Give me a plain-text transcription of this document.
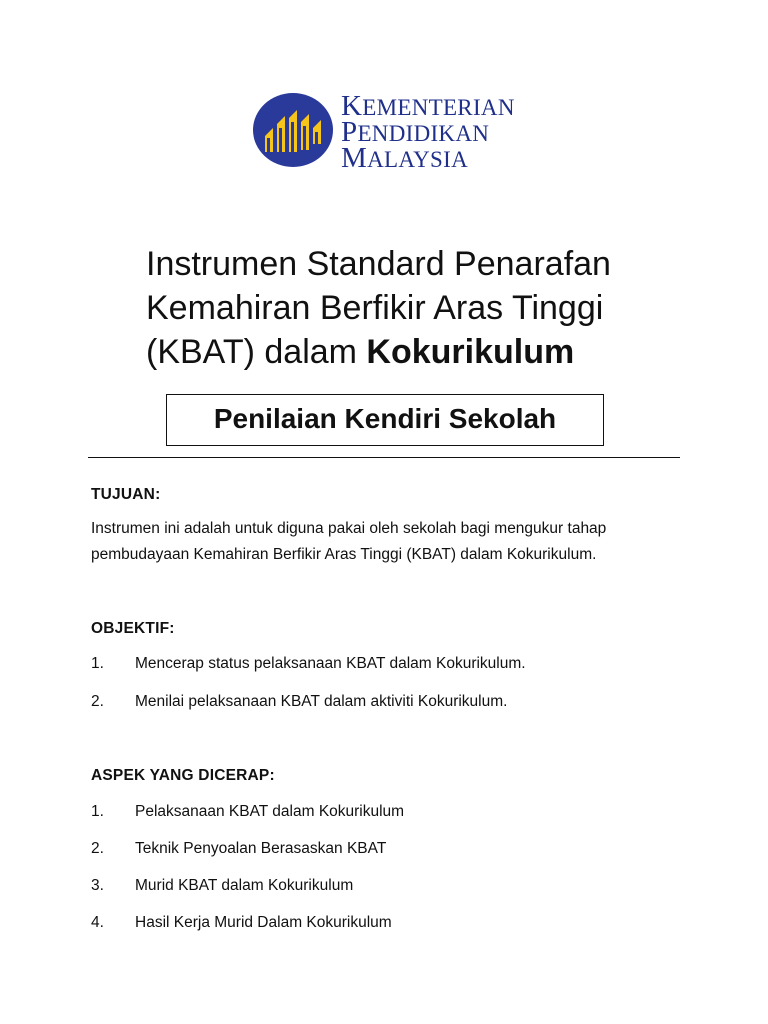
KEMENTERIAN
PENDIDIKAN
MALAYSIA
Instrumen Standard Penarafan
Kemahiran Berfikir Aras Tinggi
(KBAT) dalam Kokurikulum
Penilaian Kendiri Sekolah
TUJUAN:
Instrumen ini adalah untuk diguna pakai oleh sekolah bagi mengukur tahap pembudayaan Kemahiran Berfikir Aras Tinggi (KBAT) dalam Kokurikulum.
OBJEKTIF:
1. Mencerap status pelaksanaan KBAT dalam Kokurikulum.
2. Menilai pelaksanaan KBAT dalam aktiviti Kokurikulum.
ASPEK YANG DICERAP:
1. Pelaksanaan KBAT dalam Kokurikulum
2. Teknik Penyoalan Berasaskan KBAT
3. Murid KBAT dalam Kokurikulum
4. Hasil Kerja Murid Dalam Kokurikulum
